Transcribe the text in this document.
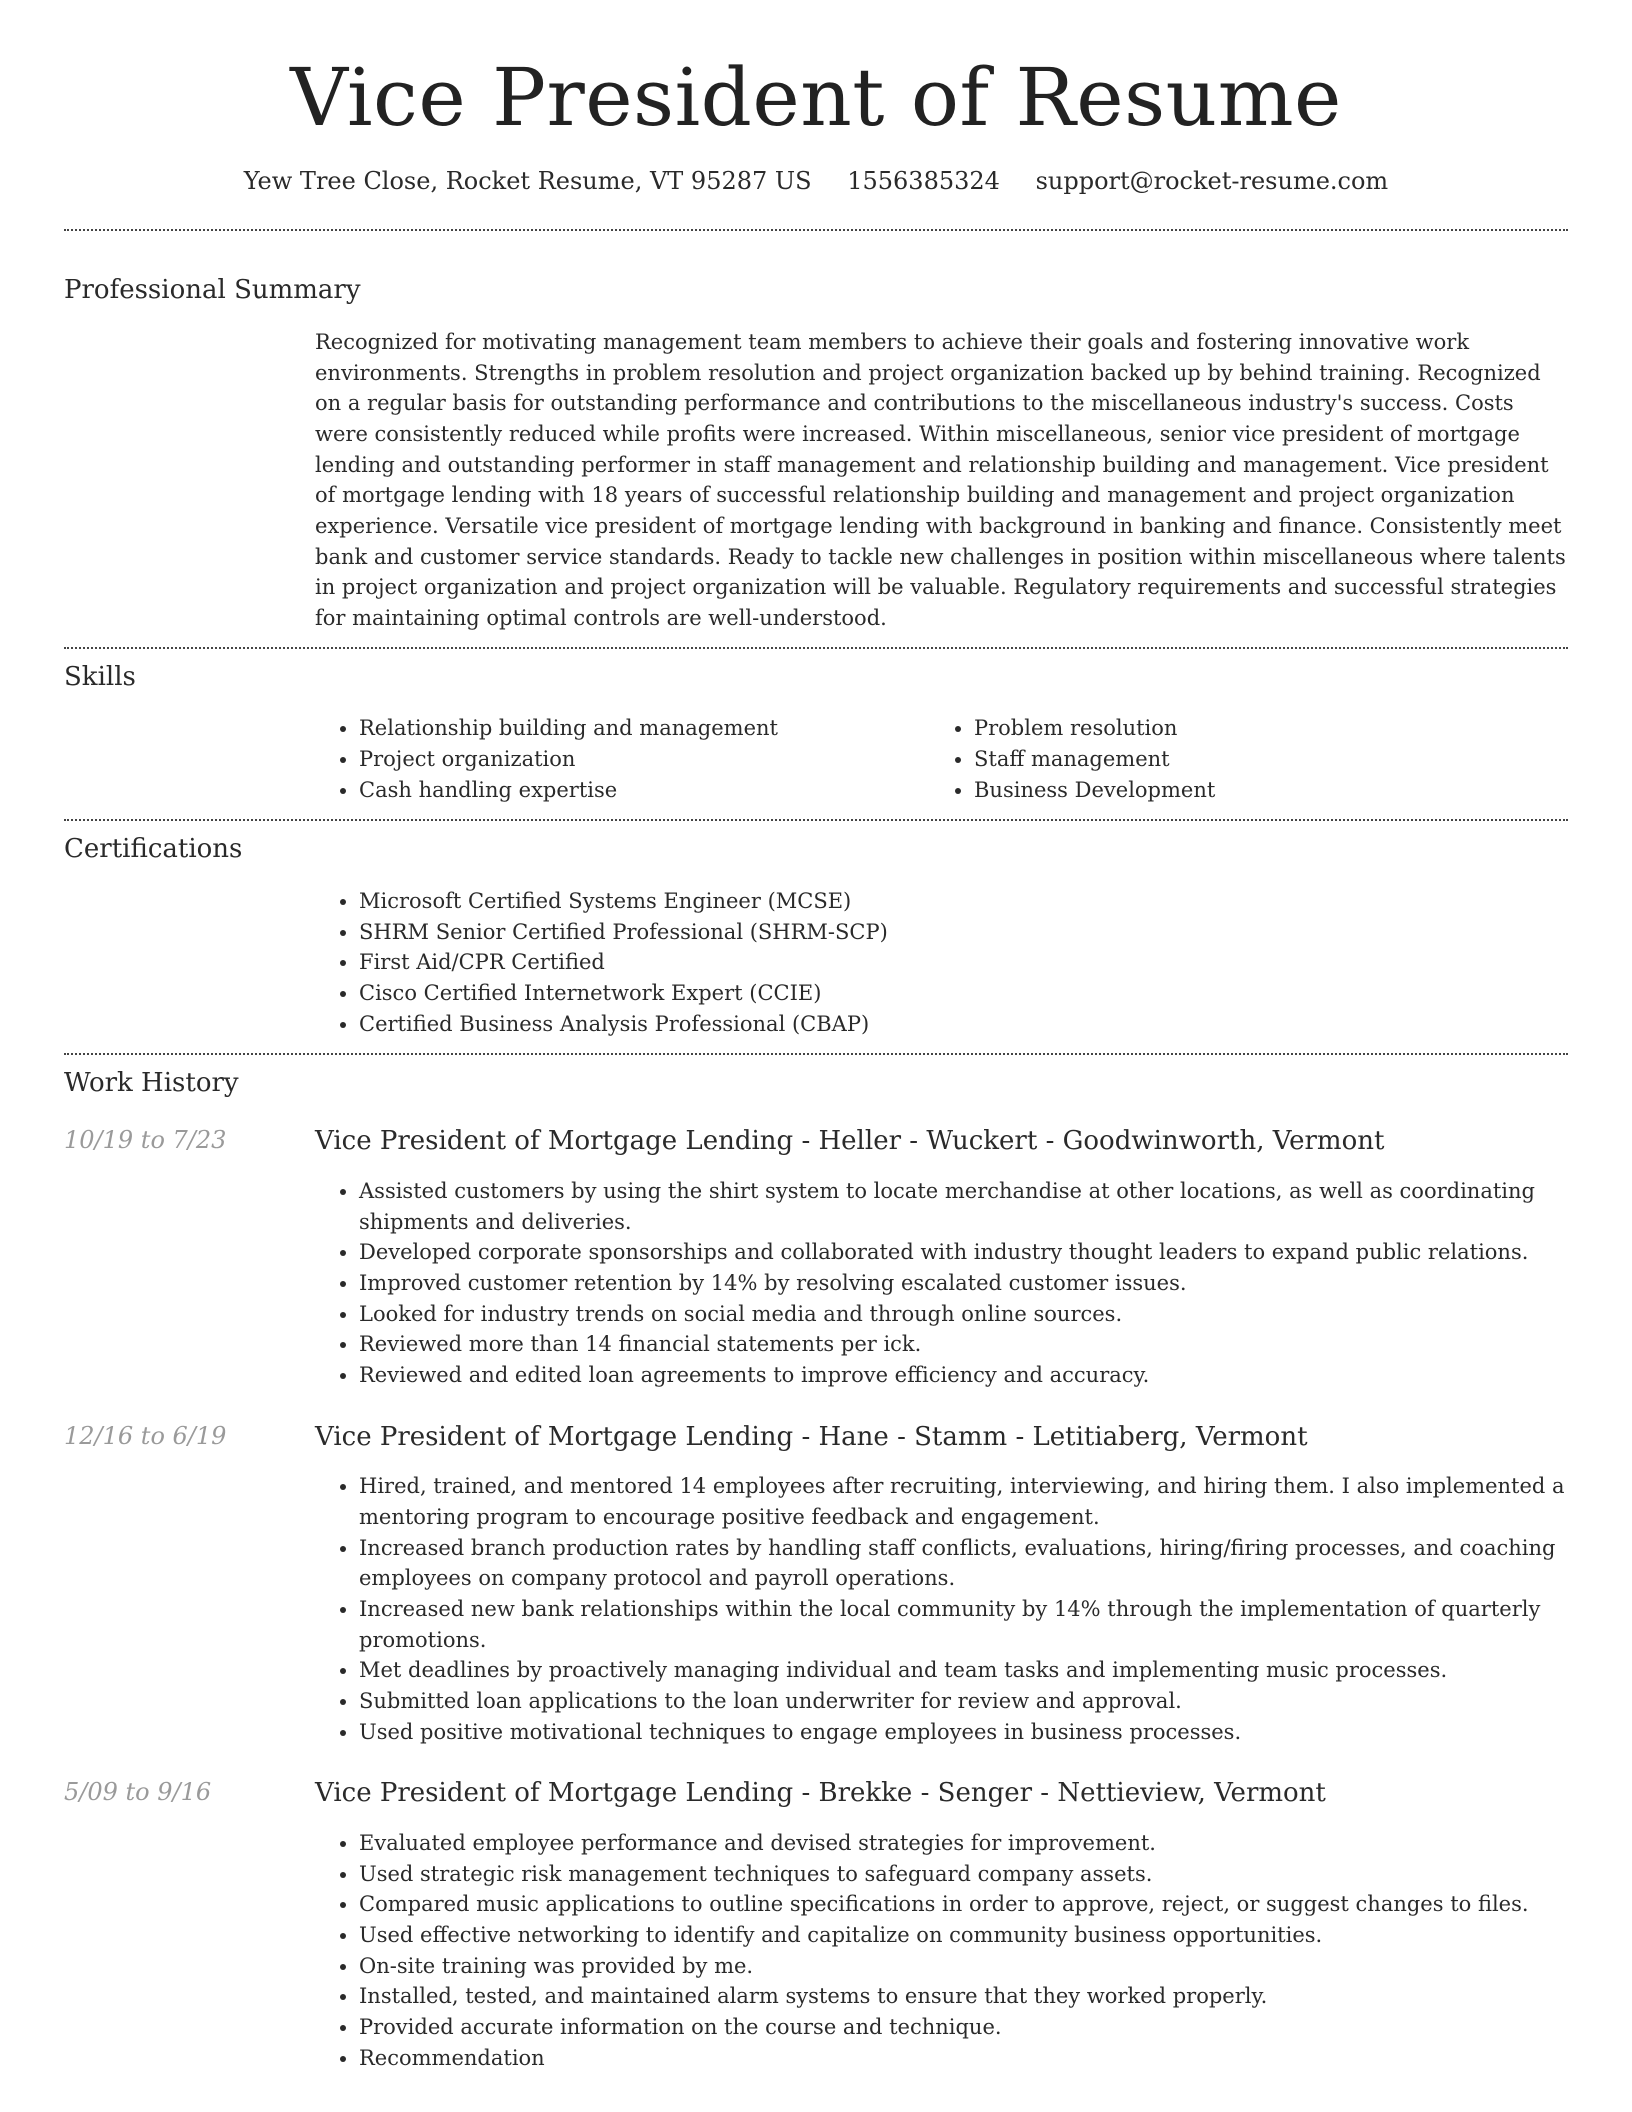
Vice President of Resume
Yew Tree Close, Rocket Resume, VT 95287 US 1556385324 support@rocket-resume.com
Professional Summary

Recognized for motivating management team members to achieve their goals and fostering innovative work environments. Strengths in problem resolution and project organization backed up by behind training. Recognized on a regular basis for outstanding performance and contributions to the miscellaneous industry's success. Costs were consistently reduced while profits were increased. Within miscellaneous, senior vice president of mortgage lending and outstanding performer in staff management and relationship building and management. Vice president of mortgage lending with 18 years of successful relationship building and management and project organization experience. Versatile vice president of mortgage lending with background in banking and finance. Consistently meet bank and customer service standards. Ready to tackle new challenges in position within miscellaneous where talents in project organization and project organization will be valuable. Regulatory requirements and successful strategies for maintaining optimal controls are well-understood.

Skills
• Relationship building and management
• Project organization
• Cash handling expertise
• Problem resolution
• Staff management
• Business Development
Certifications
• Microsoft Certified Systems Engineer (MCSE)
• SHRM Senior Certified Professional (SHRM-SCP)
• First Aid/CPR Certified
• Cisco Certified Internetwork Expert (CCIE)
• Certified Business Analysis Professional (CBAP)
Work History
10/19 to 7/23	Vice President of Mortgage Lending - Heller - Wuckert - Goodwinworth, Vermont
• Assisted customers by using the shirt system to locate merchandise at other locations, as well as coordinating shipments and deliveries.
• Developed corporate sponsorships and collaborated with industry thought leaders to expand public relations.
• Improved customer retention by 14% by resolving escalated customer issues.
• Looked for industry trends on social media and through online sources.
• Reviewed more than 14 financial statements per ick.
• Reviewed and edited loan agreements to improve efficiency and accuracy.
12/16 to 6/19	Vice President of Mortgage Lending - Hane - Stamm - Letitiaberg, Vermont
• Hired, trained, and mentored 14 employees after recruiting, interviewing, and hiring them. I also implemented a mentoring program to encourage positive feedback and engagement.
• Increased branch production rates by handling staff conflicts, evaluations, hiring/firing processes, and coaching employees on company protocol and payroll operations.
• Increased new bank relationships within the local community by 14% through the implementation of quarterly promotions.
• Met deadlines by proactively managing individual and team tasks and implementing music processes.
• Submitted loan applications to the loan underwriter for review and approval.
• Used positive motivational techniques to engage employees in business processes.
5/09 to 9/16	Vice President of Mortgage Lending - Brekke - Senger - Nettieview, Vermont
• Evaluated employee performance and devised strategies for improvement.
• Used strategic risk management techniques to safeguard company assets.
• Compared music applications to outline specifications in order to approve, reject, or suggest changes to files.
• Used effective networking to identify and capitalize on community business opportunities.
• On-site training was provided by me.
• Installed, tested, and maintained alarm systems to ensure that they worked properly.
• Provided accurate information on the course and technique.
• Recommendation
